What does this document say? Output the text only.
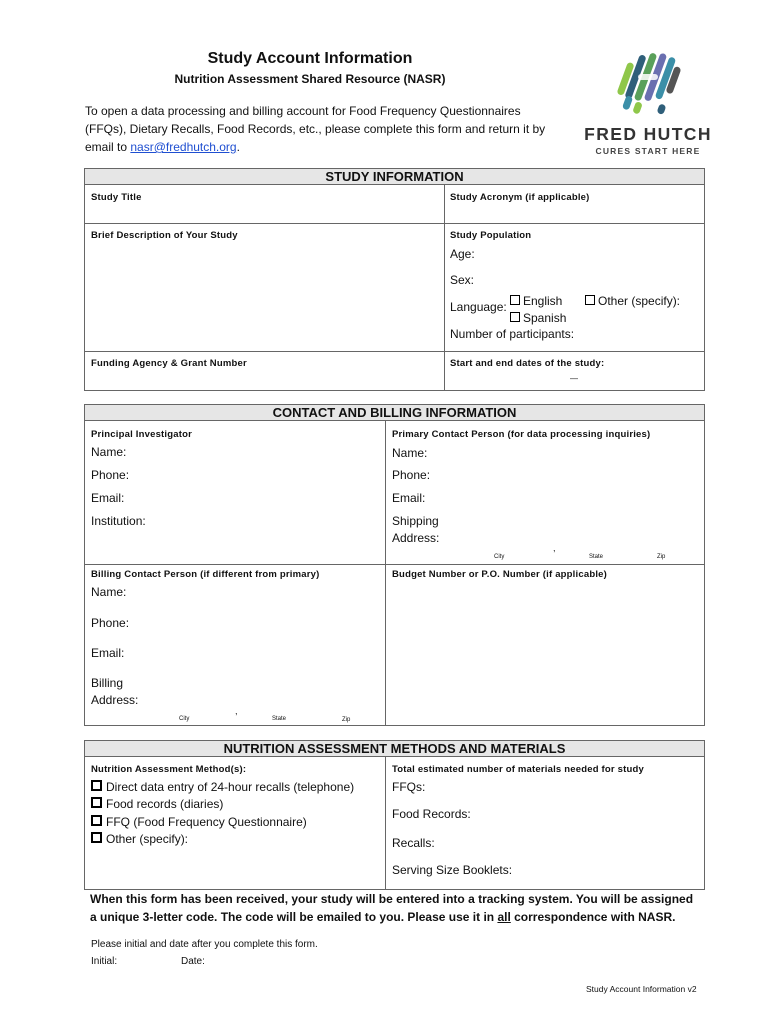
Study Account Information
Nutrition Assessment Shared Resource (NASR)
To open a data processing and billing account for Food Frequency Questionnaires (FFQs), Dietary Recalls, Food Records, etc., please complete this form and return it by email to nasr@fredhutch.org.
FRED HUTCH
CURES START HERE
STUDY INFORMATION
Study Title	Study Acronym (if applicable)
Brief Description of Your Study	Study Population
Age:
Sex:
Language:	English	Other (specify):
Spanish
Number of participants:
Funding Agency & Grant Number	Start and end dates of the study:
—
CONTACT AND BILLING INFORMATION
Principal Investigator
Name:
Phone:
Email:
Institution:
Primary Contact Person (for data processing inquiries)
Name:
Phone:
Email:
Shipping
Address:
City
,
State	Zip
Billing Contact Person (if different from primary)
Name:
Phone:
Email:
Billing
Address:
City
,
State	Zip
Budget Number or P.O. Number (if applicable)
NUTRITION ASSESSMENT METHODS AND MATERIALS
Nutrition Assessment Method(s):
Direct data entry of 24-hour recalls (telephone)
Food records (diaries)
FFQ (Food Frequency Questionnaire)
Other (specify):
Total estimated number of materials needed for study
FFQs:
Food Records:
Recalls:
Serving Size Booklets:
When this form has been received, your study will be entered into a tracking system. You will be assigned a unique 3-letter code. The code will be emailed to you. Please use it in all correspondence with NASR.
Please initial and date after you complete this form.
Initial:	Date:
Study Account Information v2
